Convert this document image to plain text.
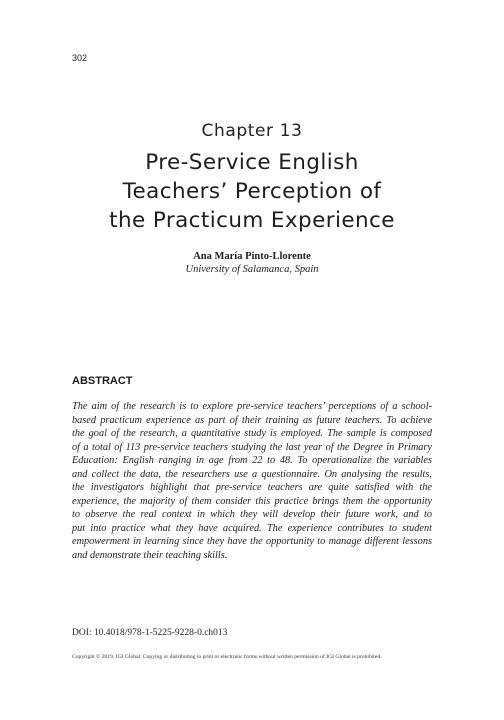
302
Chapter 13
Pre-Service English
Teachers’ Perception of
the Practicum Experience
Ana María Pinto-Llorente
University of Salamanca, Spain
ABSTRACT
The aim of the research is to explore pre-service teachers’ perceptions of a school-
based practicum experience as part of their training as future teachers. To achieve
the goal of the research, a quantitative study is employed. The sample is composed
of a total of 113 pre-service teachers studying the last year of the Degree in Primary
Education: English ranging in age from 22 to 48. To operationalize the variables
and collect the data, the researchers use a questionnaire. On analysing the results,
the investigators highlight that pre-service teachers are quite satisfied with the
experience, the majority of them consider this practice brings them the opportunity
to observe the real context in which they will develop their future work, and to
put into practice what they have acquired. The experience contributes to student
empowerment in learning since they have the opportunity to manage different lessons
and demonstrate their teaching skills.
DOI: 10.4018/978-1-5225-9228-0.ch013
Copyright © 2019, IGI Global. Copying or distributing in print or electronic forms without written permission of IGI Global is prohibited.
